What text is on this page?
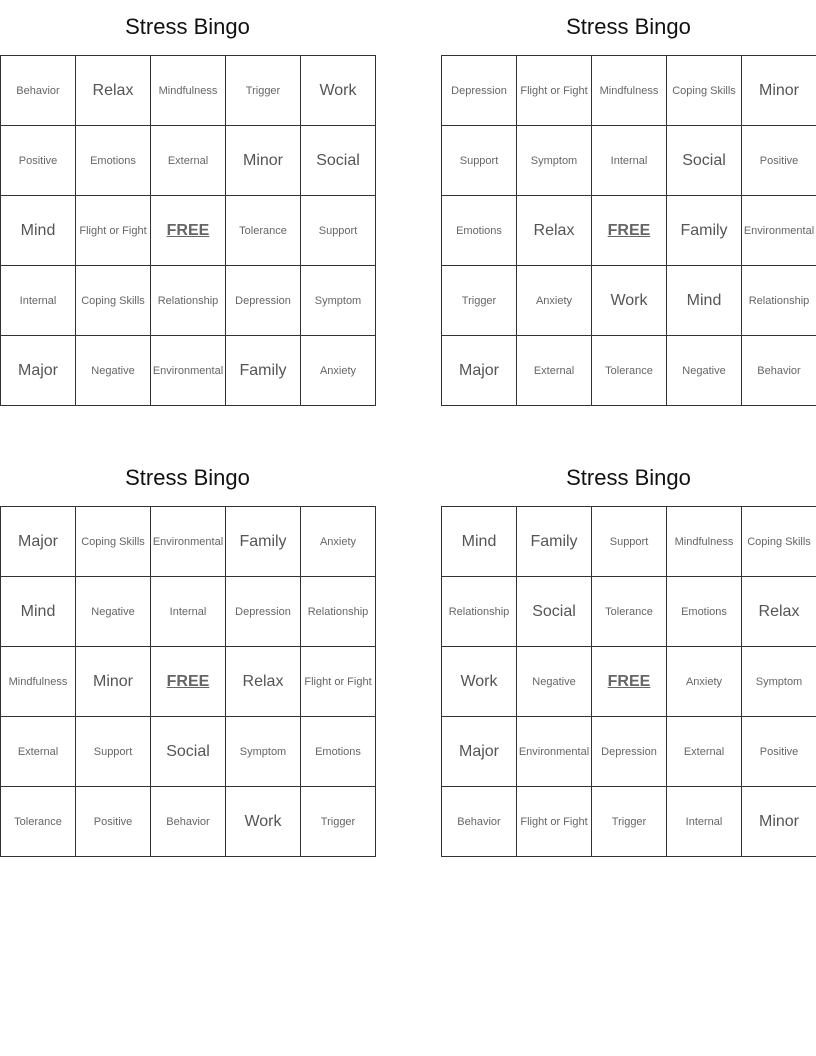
Stress Bingo
Behavior	Relax	Mindfulness	Trigger	Work
Positive	Emotions	External	Minor	Social
Mind	Flight or Fight	FREE	Tolerance	Support
Internal	Coping Skills	Relationship	Depression	Symptom
Major	Negative	Environmental	Family	Anxiety
Stress Bingo
Depression	Flight or Fight	Mindfulness	Coping Skills	Minor
Support	Symptom	Internal	Social	Positive
Emotions	Relax	FREE	Family	Environmental
Trigger	Anxiety	Work	Mind	Relationship
Major	External	Tolerance	Negative	Behavior
Stress Bingo
Major	Coping Skills	Environmental	Family	Anxiety
Mind	Negative	Internal	Depression	Relationship
Mindfulness	Minor	FREE	Relax	Flight or Fight
External	Support	Social	Symptom	Emotions
Tolerance	Positive	Behavior	Work	Trigger
Stress Bingo
Mind	Family	Support	Mindfulness	Coping Skills
Relationship	Social	Tolerance	Emotions	Relax
Work	Negative	FREE	Anxiety	Symptom
Major	Environmental	Depression	External	Positive
Behavior	Flight or Fight	Trigger	Internal	Minor
